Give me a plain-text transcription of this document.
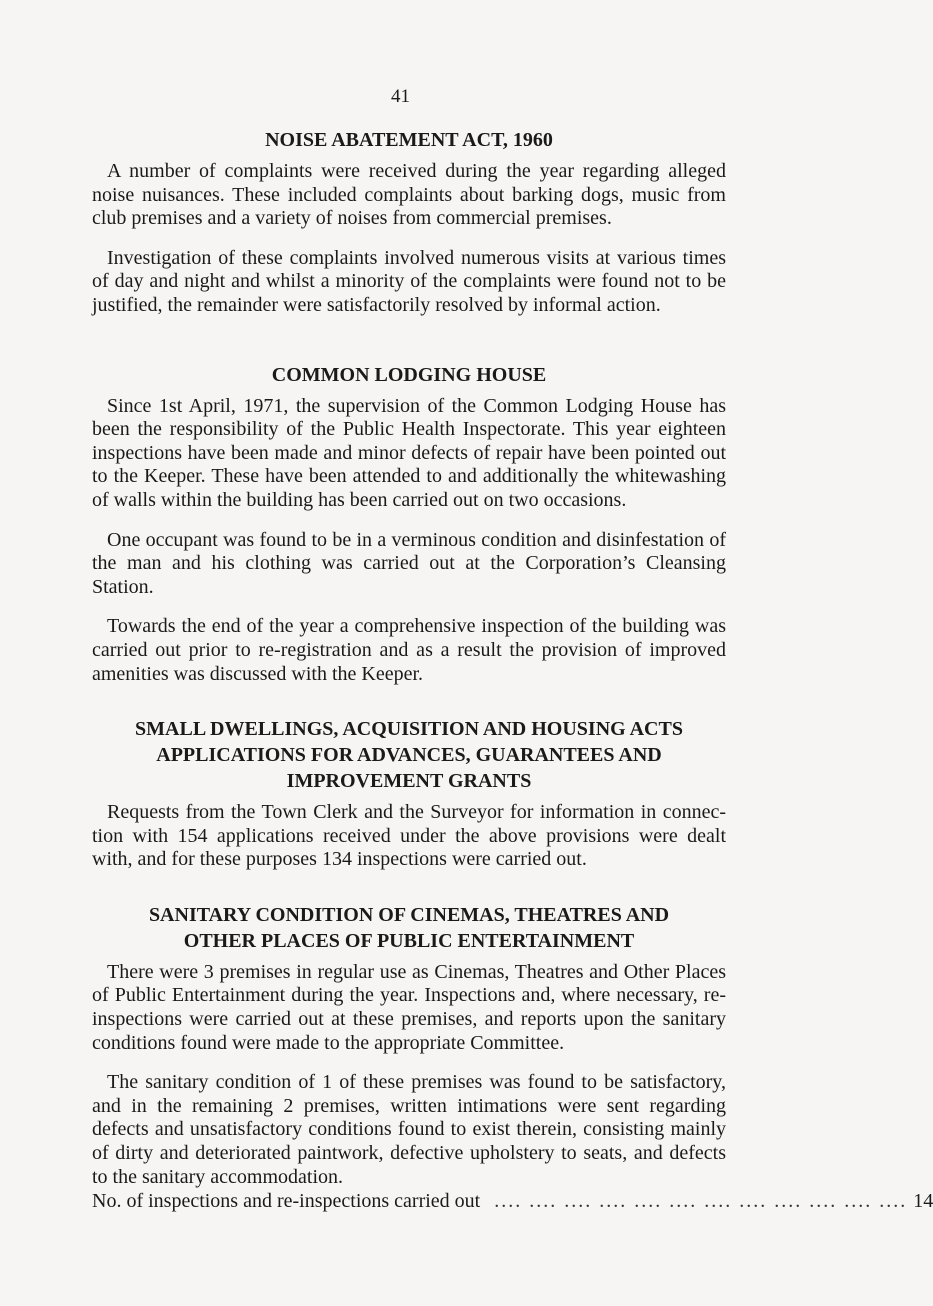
41
NOISE ABATEMENT ACT, 1960

A number of complaints were received during the year regarding alleged noise nuisances. These included complaints about barking dogs, music from club premises and a variety of noises from commercial premises.

Investigation of these complaints involved numerous visits at various times of day and night and whilst a minority of the complaints were found not to be justified, the remainder were satisfactorily resolved by informal action.

COMMON LODGING HOUSE

Since 1st April, 1971, the supervision of the Common Lodging House has been the responsibility of the Public Health Inspectorate. This year eighteen inspections have been made and minor defects of repair have been pointed out to the Keeper. These have been attended to and additionally the whitewashing of walls within the building has been carried out on two occasions.

One occupant was found to be in a verminous condition and disinfestation of the man and his clothing was carried out at the Corporation’s Cleansing Station.

Towards the end of the year a comprehensive inspection of the building was carried out prior to re-registration and as a result the provision of improved amenities was discussed with the Keeper.

SMALL DWELLINGS, ACQUISITION AND HOUSING ACTS
APPLICATIONS FOR ADVANCES, GUARANTEES AND
IMPROVEMENT GRANTS

Requests from the Town Clerk and the Surveyor for information in connec- tion with 154 applications received under the above provisions were dealt with, and for these purposes 134 inspections were carried out.

SANITARY CONDITION OF CINEMAS, THEATRES AND
OTHER PLACES OF PUBLIC ENTERTAINMENT

There were 3 premises in regular use as Cinemas, Theatres and Other Places of Public Entertainment during the year. Inspections and, where necessary, re-inspections were carried out at these premises, and reports upon the sanitary conditions found were made to the appropriate Committee.

The sanitary condition of 1 of these premises was found to be satisfactory, and in the remaining 2 premises, written intimations were sent regarding defects and unsatisfactory conditions found to exist therein, consisting mainly of dirty and deteriorated paintwork, defective upholstery to seats, and defects to the sanitary accommodation.

No. of inspections and re-inspections carried out .... .... .... .... .... .... .... .... .... .... .... .... 14
